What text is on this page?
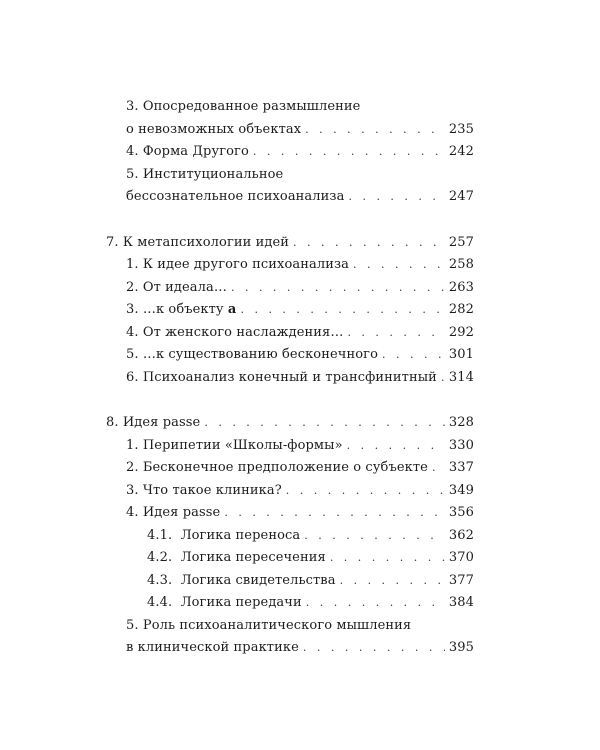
3. Опосредованное размышление
о невозможных объектах . . .	235
4. Форма Другого . . .	242
5. Институциональное
бессознательное психоанализа . . .	247
7. К метапсихологии идей . . .	257
1. К идее другого психоанализа . . .	258
2. От идеала… . . .	263
3. …к объекту a . . .	282
4. От женского наслаждения… . . .	292
5. …к существованию бесконечного . . .	301
6. Психоанализ конечный и трансфинитный . . . 314
8. Идея passe . . .	328
1. Перипетии «Школы-формы» . . .	330
2. Бесконечное предположение о субъекте . . . 337
3. Что такое клиника? . . .	349
4. Идея passe . . .	356
4.1. Логика переноса . . .	362
4.2. Логика пересечения . . .	370
4.3. Логика свидетельства . . .	377
4.4. Логика передачи . . .	384
5. Роль психоаналитического мышления
в клинической практике . . .	395
